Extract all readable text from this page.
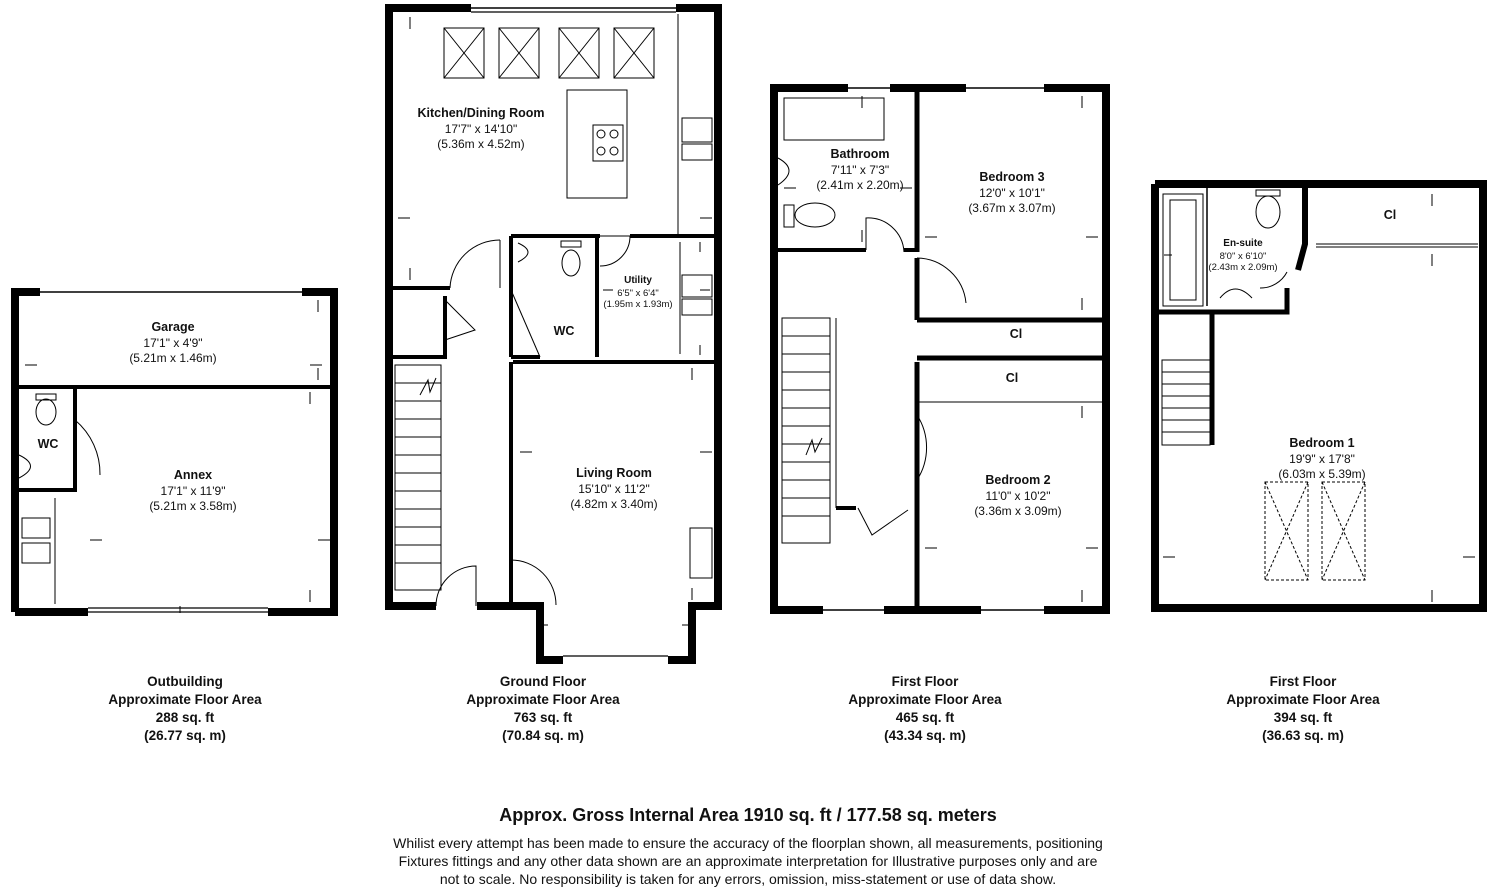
Kitchen/Dining Room
17'7" x 14'10"
(5.36m x 4.52m)
Utility
6'5" x 6'4"
(1.95m x 1.93m)
WC
Living Room
15'10" x 11'2"
(4.82m x 3.40m)
Garage
17'1" x 4'9"
(5.21m x 1.46m)
Annex
17'1" x 11'9"
(5.21m x 3.58m)
WC
Bathroom
7'11" x 7'3"
(2.41m x 2.20m)
Bedroom 3
12'0" x 10'1"
(3.67m x 3.07m)
Cl
Cl
Bedroom 2
11'0" x 10'2"
(3.36m x 3.09m)
En-suite
8'0" x 6'10"
(2.43m x 2.09m)
Cl
Bedroom 1
19'9" x 17'8"
(6.03m x 5.39m)
Outbuilding
Approximate Floor Area
288 sq. ft
(26.77 sq. m)
Ground Floor
Approximate Floor Area
763 sq. ft
(70.84 sq. m)
First Floor
Approximate Floor Area
465 sq. ft
(43.34 sq. m)
First Floor
Approximate Floor Area
394 sq. ft
(36.63 sq. m)
Approx. Gross Internal Area 1910 sq. ft / 177.58 sq. meters
Whilist every attempt has been made to ensure the accuracy of the floorplan shown, all measurements, positioning
Fixtures fittings and any other data shown are an approximate interpretation for Illustrative purposes only and are
not to scale. No responsibility is taken for any errors, omission, miss-statement or use of data show.
